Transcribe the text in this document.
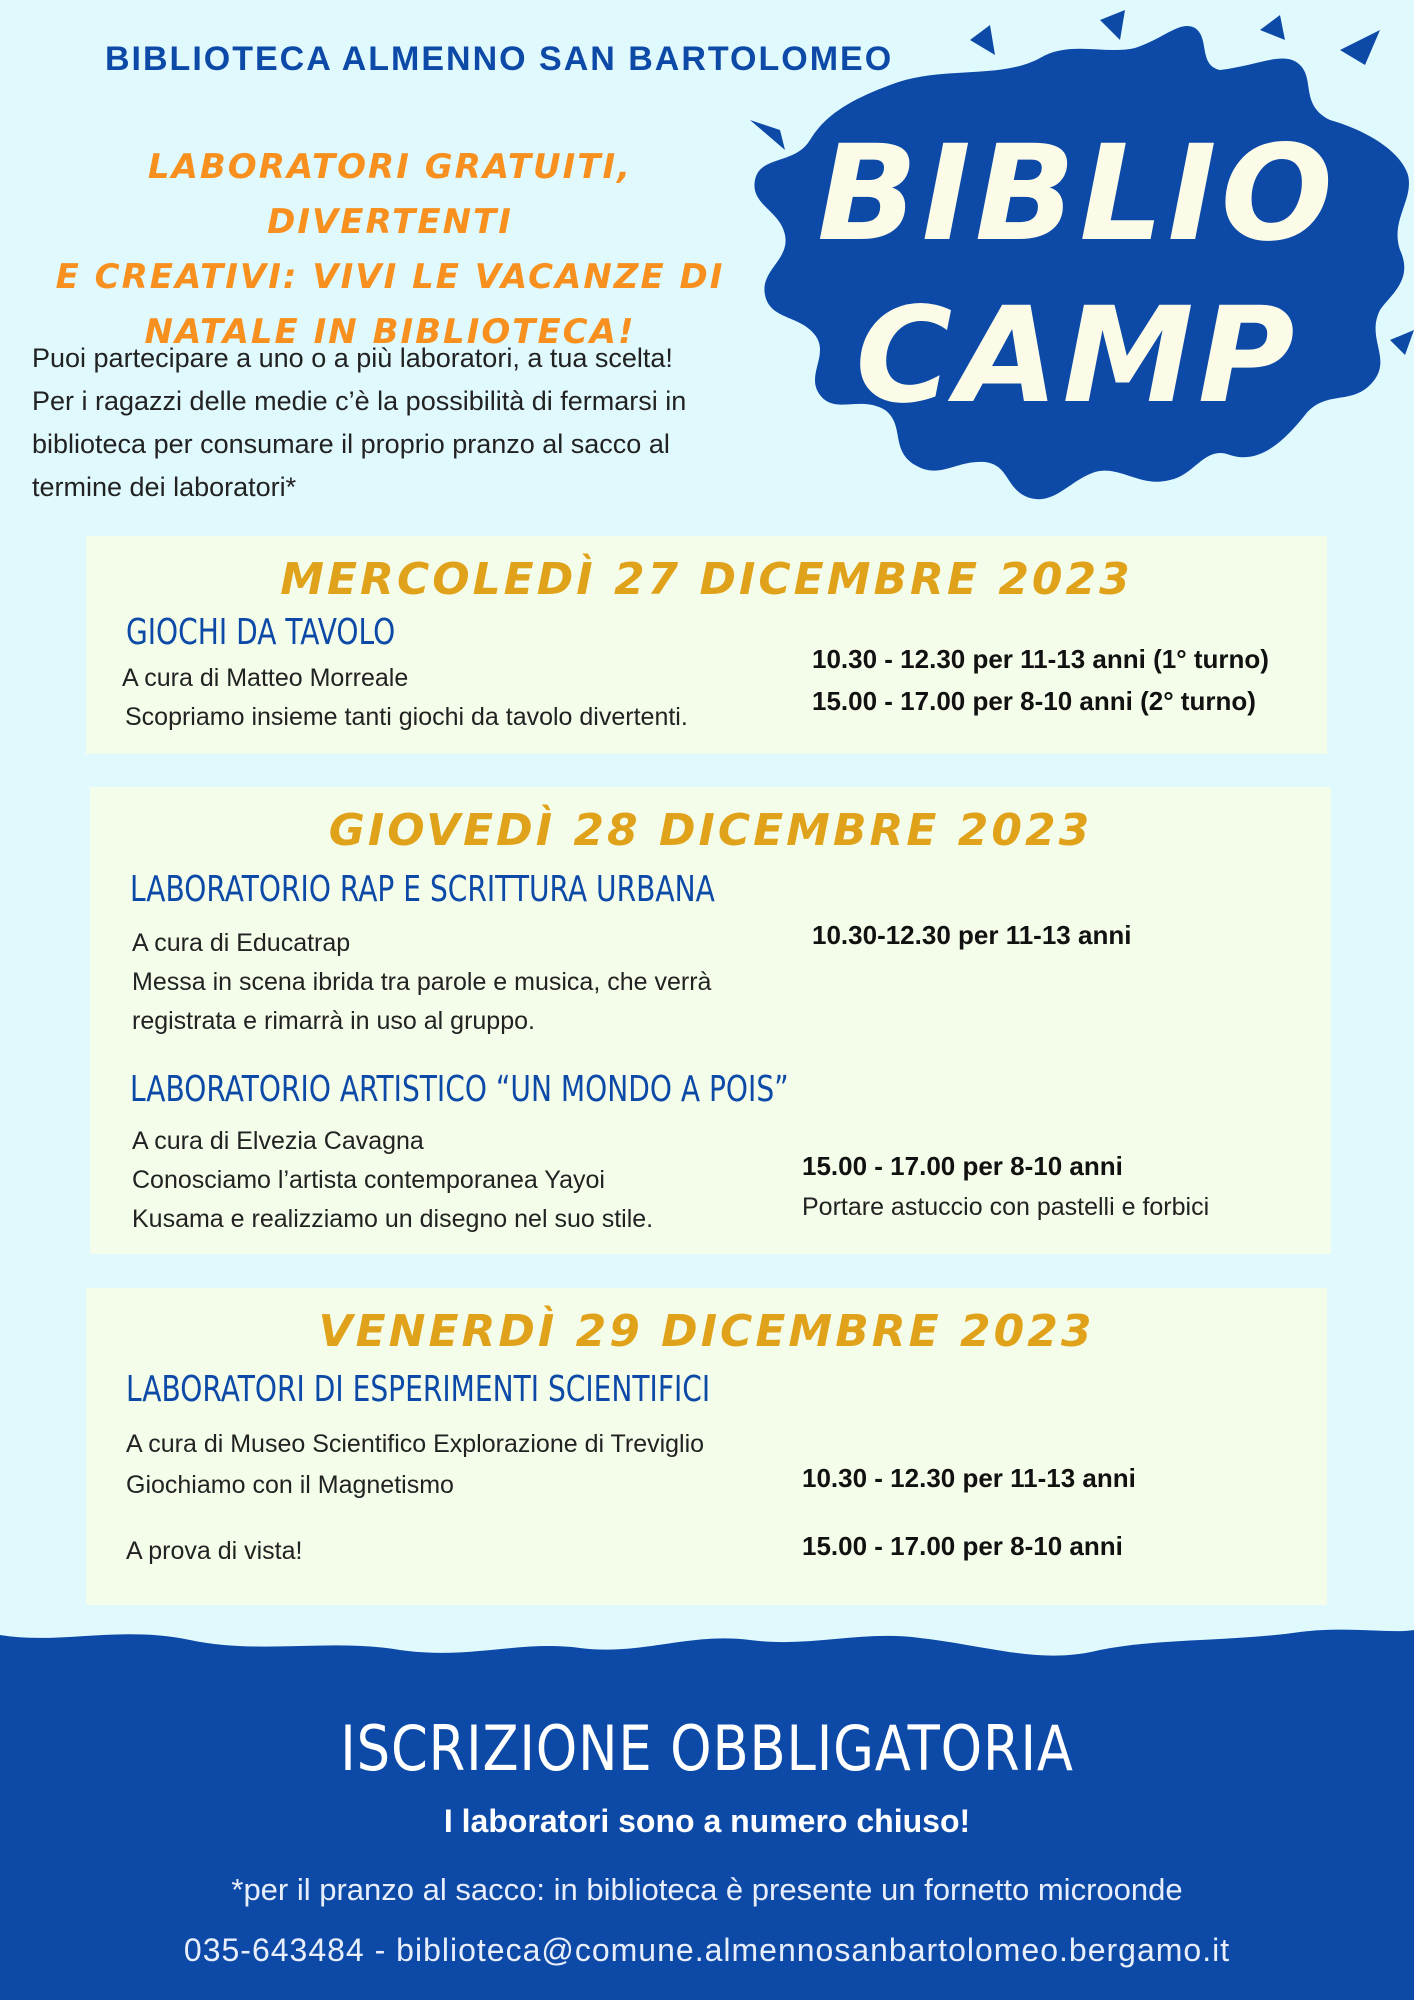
BIBLIOTECA ALMENNO SAN BARTOLOMEO
LABORATORI GRATUITI, DIVERTENTI
E CREATIVI: VIVI LE VACANZE DI
NATALE IN BIBLIOTECA!
Puoi partecipare a uno o a più laboratori, a tua scelta!
Per i ragazzi delle medie c’è la possibilità di fermarsi in
biblioteca per consumare il proprio pranzo al sacco al
termine dei laboratori*
BIBLIO
CAMP
MERCOLEDÌ 27 DICEMBRE 2023
GIOCHI DA TAVOLO
A cura di Matteo Morreale
Scopriamo insieme tanti giochi da tavolo divertenti.
10.30 - 12.30 per 11-13 anni (1° turno)
15.00 - 17.00 per 8-10 anni (2° turno)
GIOVEDÌ 28 DICEMBRE 2023
LABORATORIO RAP E SCRITTURA URBANA
A cura di Educatrap
Messa in scena ibrida tra parole e musica, che verrà
registrata e rimarrà in uso al gruppo.
10.30-12.30 per 11-13 anni
LABORATORIO ARTISTICO “UN MONDO A POIS”
A cura di Elvezia Cavagna
Conosciamo l’artista contemporanea Yayoi
Kusama e realizziamo un disegno nel suo stile.
15.00 - 17.00 per 8-10 anni
Portare astuccio con pastelli e forbici
VENERDÌ 29 DICEMBRE 2023
LABORATORI DI ESPERIMENTI SCIENTIFICI
A cura di Museo Scientifico Explorazione di Treviglio
Giochiamo con il Magnetismo
A prova di vista!
10.30 - 12.30 per 11-13 anni
15.00 - 17.00 per 8-10 anni
ISCRIZIONE OBBLIGATORIA
I laboratori sono a numero chiuso!
*per il pranzo al sacco: in biblioteca è presente un fornetto microonde
035-643484 - biblioteca@comune.almennosanbartolomeo.bergamo.it
